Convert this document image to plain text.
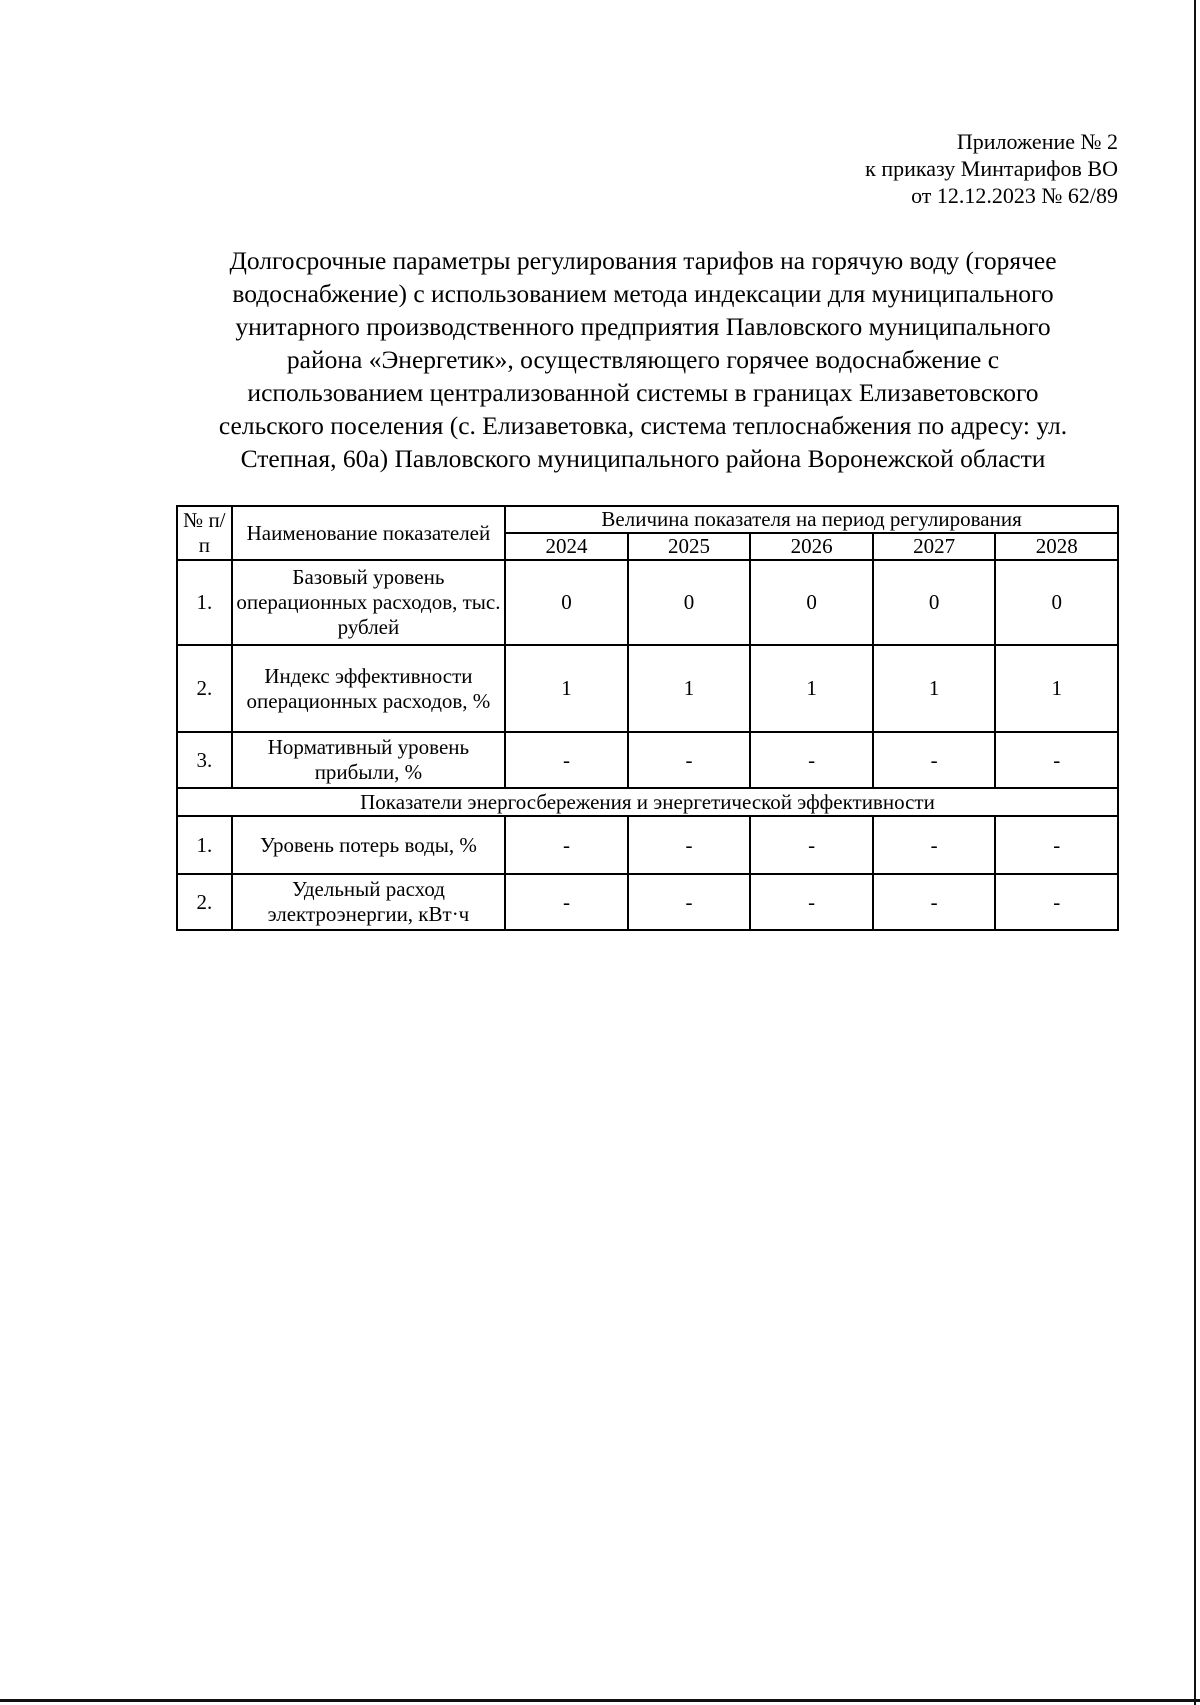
Приложение № 2
к приказу Минтарифов ВО
от 12.12.2023 № 62/89
Долгосрочные параметры регулирования тарифов на горячую воду (горячее
водоснабжение) с использованием метода индексации для муниципального
унитарного производственного предприятия Павловского муниципального
района «Энергетик», осуществляющего горячее водоснабжение с
использованием централизованной системы в границах Елизаветовского
сельского поселения (с. Елизаветовка, система теплоснабжения по адресу: ул.
Степная, 60а) Павловского муниципального района Воронежской области
№ п/п	Наименование показателей	Величина показателя на период регулирования				
		2024	2025	2026	2027	2028
1.	Базовый уровень операционных расходов, тыс. рублей	0	0	0	0	0
2.	Индекс эффективности операционных расходов, %	1	1	1	1	1
3.	Нормативный уровень прибыли, %	-	-	-	-	-
Показатели энергосбережения и энергетической эффективности						
1.	Уровень потерь воды, %	-	-	-	-	-
2.	Удельный расход электроэнергии, кВт·ч	-	-	-	-	-
